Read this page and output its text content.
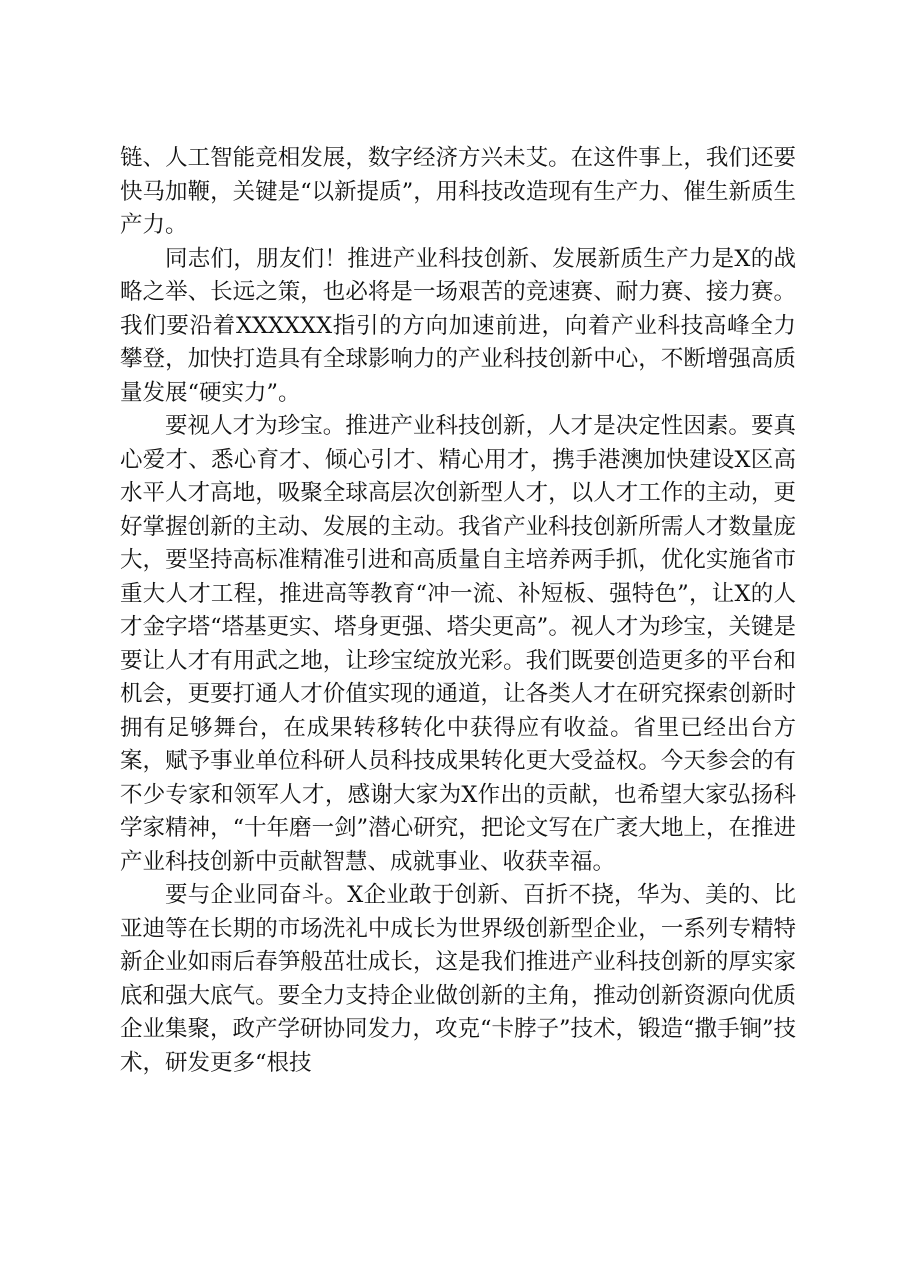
链、人工智能竞相发展，数字经济方兴未艾。在这件事上，我们还要快马加鞭，关键是“以新提质”，用科技改造现有生产力、催生新质生产力。

同志们，朋友们！推进产业科技创新、发展新质生产力是X的战略之举、长远之策，也必将是一场艰苦的竞速赛、耐力赛、接力赛。我们要沿着XXXXXX指引的方向加速前进，向着产业科技高峰全力攀登，加快打造具有全球影响力的产业科技创新中心，不断增强高质量发展“硬实力”。

要视人才为珍宝。推进产业科技创新，人才是决定性因素。要真心爱才、悉心育才、倾心引才、精心用才，携手港澳加快建设X区高水平人才高地，吸聚全球高层次创新型人才，以人才工作的主动，更好掌握创新的主动、发展的主动。我省产业科技创新所需人才数量庞大，要坚持高标准精准引进和高质量自主培养两手抓，优化实施省市重大人才工程，推进高等教育“冲一流、补短板、强特色”，让X的人才金字塔“塔基更实、塔身更强、塔尖更高”。视人才为珍宝，关键是要让人才有用武之地，让珍宝绽放光彩。我们既要创造更多的平台和机会，更要打通人才价值实现的通道，让各类人才在研究探索创新时拥有足够舞台，在成果转移转化中获得应有收益。省里已经出台方案，赋予事业单位科研人员科技成果转化更大受益权。今天参会的有不少专家和领军人才，感谢大家为X作出的贡献，也希望大家弘扬科学家精神，“十年磨一剑”潜心研究，把论文写在广袤大地上，在推进产业科技创新中贡献智慧、成就事业、收获幸福。

要与企业同奋斗。X企业敢于创新、百折不挠，华为、美的、比亚迪等在长期的市场洗礼中成长为世界级创新型企业，一系列专精特新企业如雨后春笋般茁壮成长，这是我们推进产业科技创新的厚实家底和强大底气。要全力支持企业做创新的主角，推动创新资源向优质企业集聚，政产学研协同发力，攻克“卡脖子”技术，锻造“撒手锏”技术，研发更多“根技
